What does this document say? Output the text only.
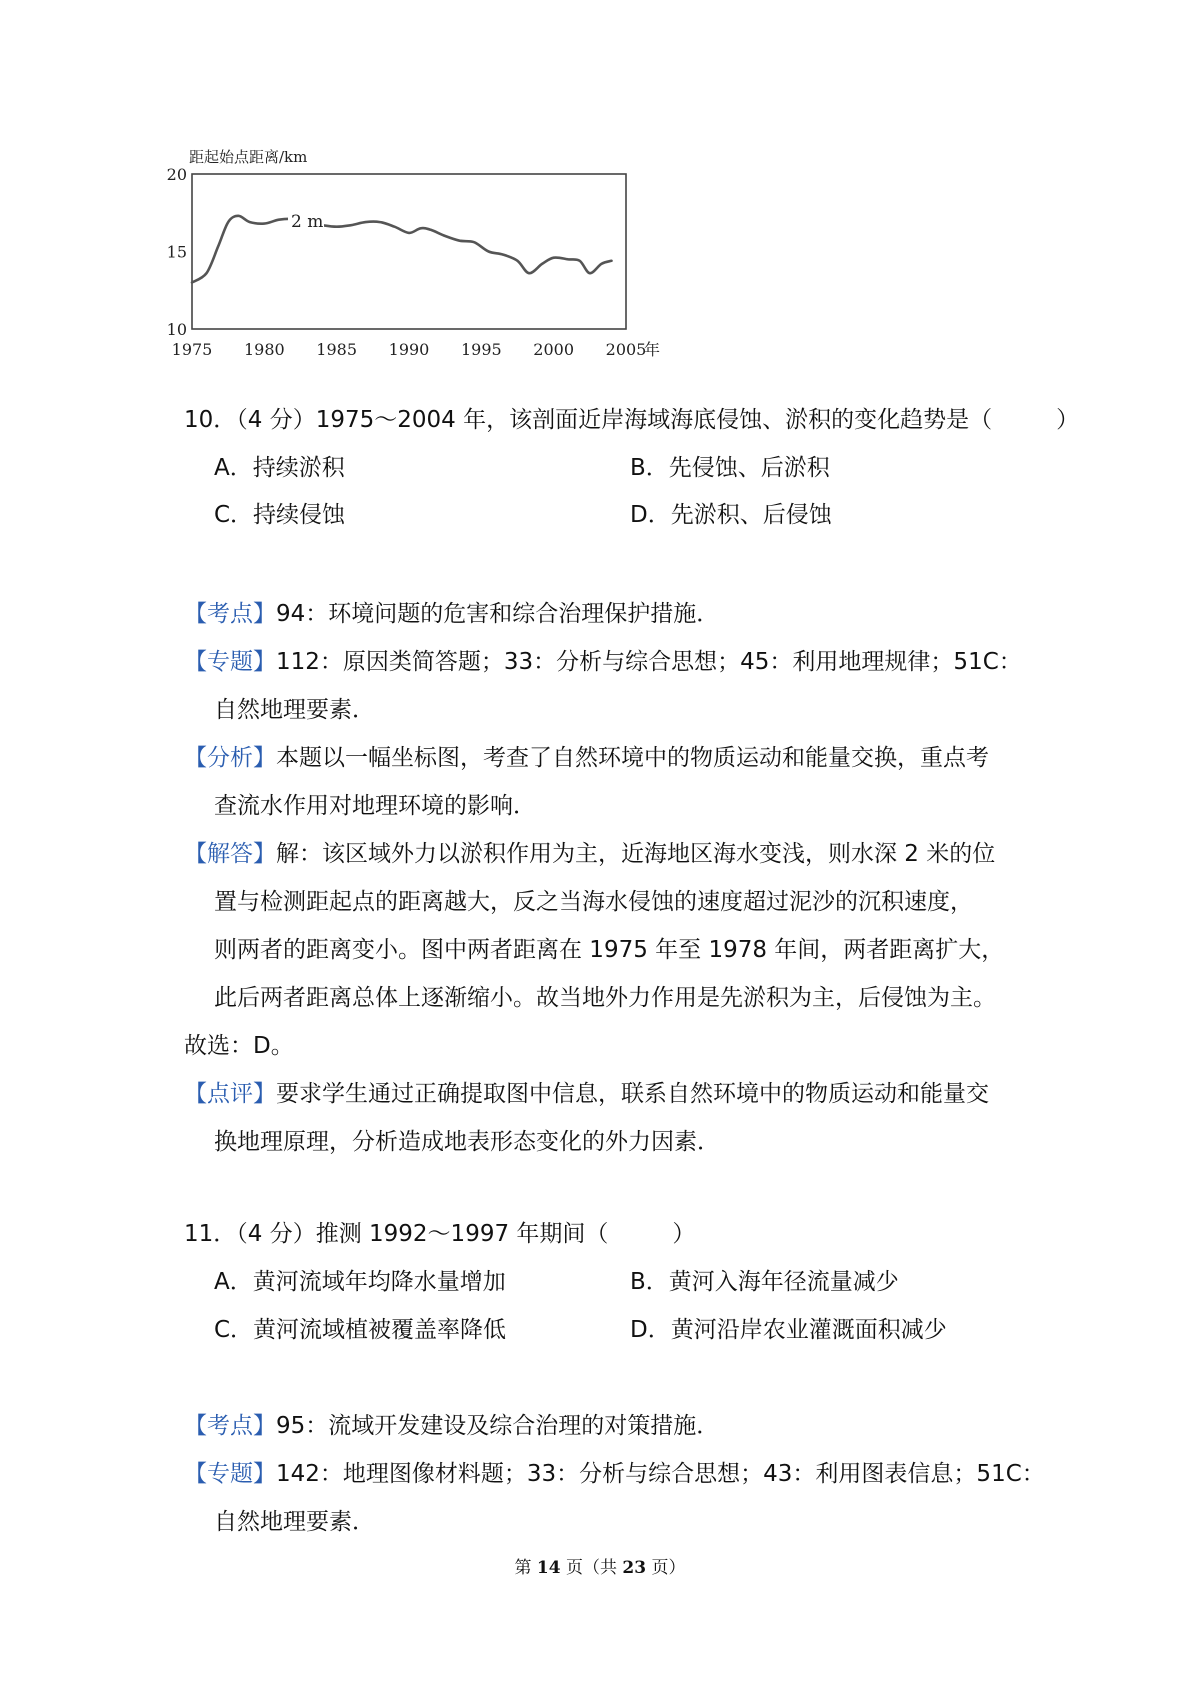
距起始点距离/km
20
15
10
1975 1980 1985 1990 1995 2000 2005
2 m
年
10．（4 分）1975～2004 年，该剖面近岸海域海底侵蚀、淤积的变化趋势是（	）
A．持续淤积	B．先侵蚀、后淤积
C．持续侵蚀	D．先淤积、后侵蚀
【考点】94：环境问题的危害和综合治理保护措施．
【专题】112：原因类简答题；33：分析与综合思想；45：利用地理规律；51C：
自然地理要素．
【分析】本题以一幅坐标图，考查了自然环境中的物质运动和能量交换，重点考
查流水作用对地理环境的影响．
【解答】解：该区域外力以淤积作用为主，近海地区海水变浅，则水深 2 米的位
置与检测距起点的距离越大，反之当海水侵蚀的速度超过泥沙的沉积速度，
则两者的距离变小。图中两者距离在 1975 年至 1978 年间，两者距离扩大，
此后两者距离总体上逐渐缩小。故当地外力作用是先淤积为主，后侵蚀为主。
故选：D。
【点评】要求学生通过正确提取图中信息，联系自然环境中的物质运动和能量交
换地理原理，分析造成地表形态变化的外力因素．
11．（4 分）推测 1992～1997 年期间（	）
A．黄河流域年均降水量增加	B．黄河入海年径流量减少
C．黄河流域植被覆盖率降低	D．黄河沿岸农业灌溉面积减少
【考点】95：流域开发建设及综合治理的对策措施．
【专题】142：地理图像材料题；33：分析与综合思想；43：利用图表信息；51C：
自然地理要素．
第 14 页（共 23 页）
